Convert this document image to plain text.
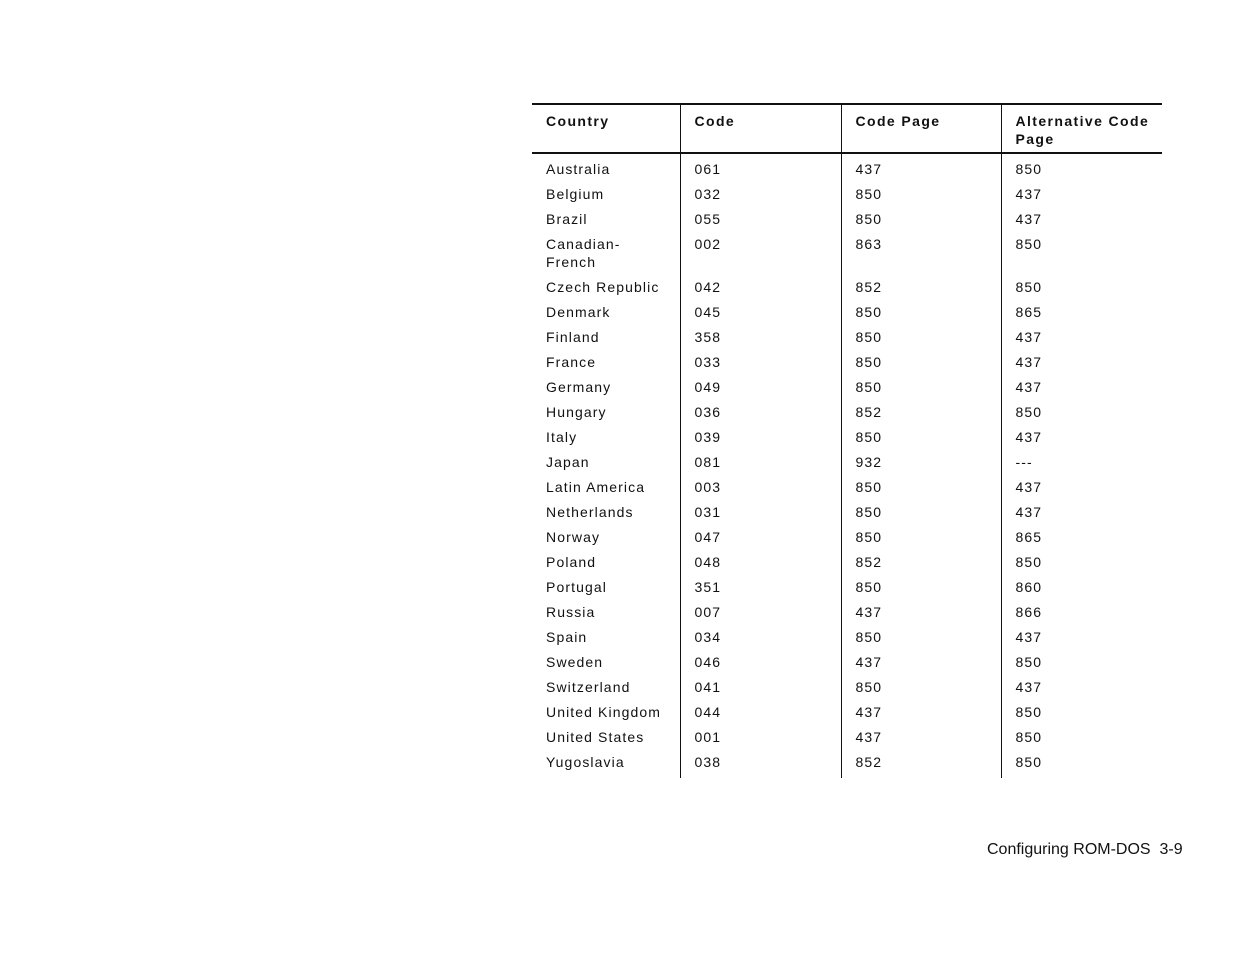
Country	Code	Code Page	Alternative Code Page
Australia	061	437	850
Belgium	032	850	437
Brazil	055	850	437
Canadian-
French	002	863	850
Czech Republic	042	852	850
Denmark	045	850	865
Finland	358	850	437
France	033	850	437
Germany	049	850	437
Hungary	036	852	850
Italy	039	850	437
Japan	081	932	---
Latin America	003	850	437
Netherlands	031	850	437
Norway	047	850	865
Poland	048	852	850
Portugal	351	850	860
Russia	007	437	866
Spain	034	850	437
Sweden	046	437	850
Switzerland	041	850	437
United Kingdom	044	437	850
United States	001	437	850
Yugoslavia	038	852	850
Configuring ROM-DOS  3-9
